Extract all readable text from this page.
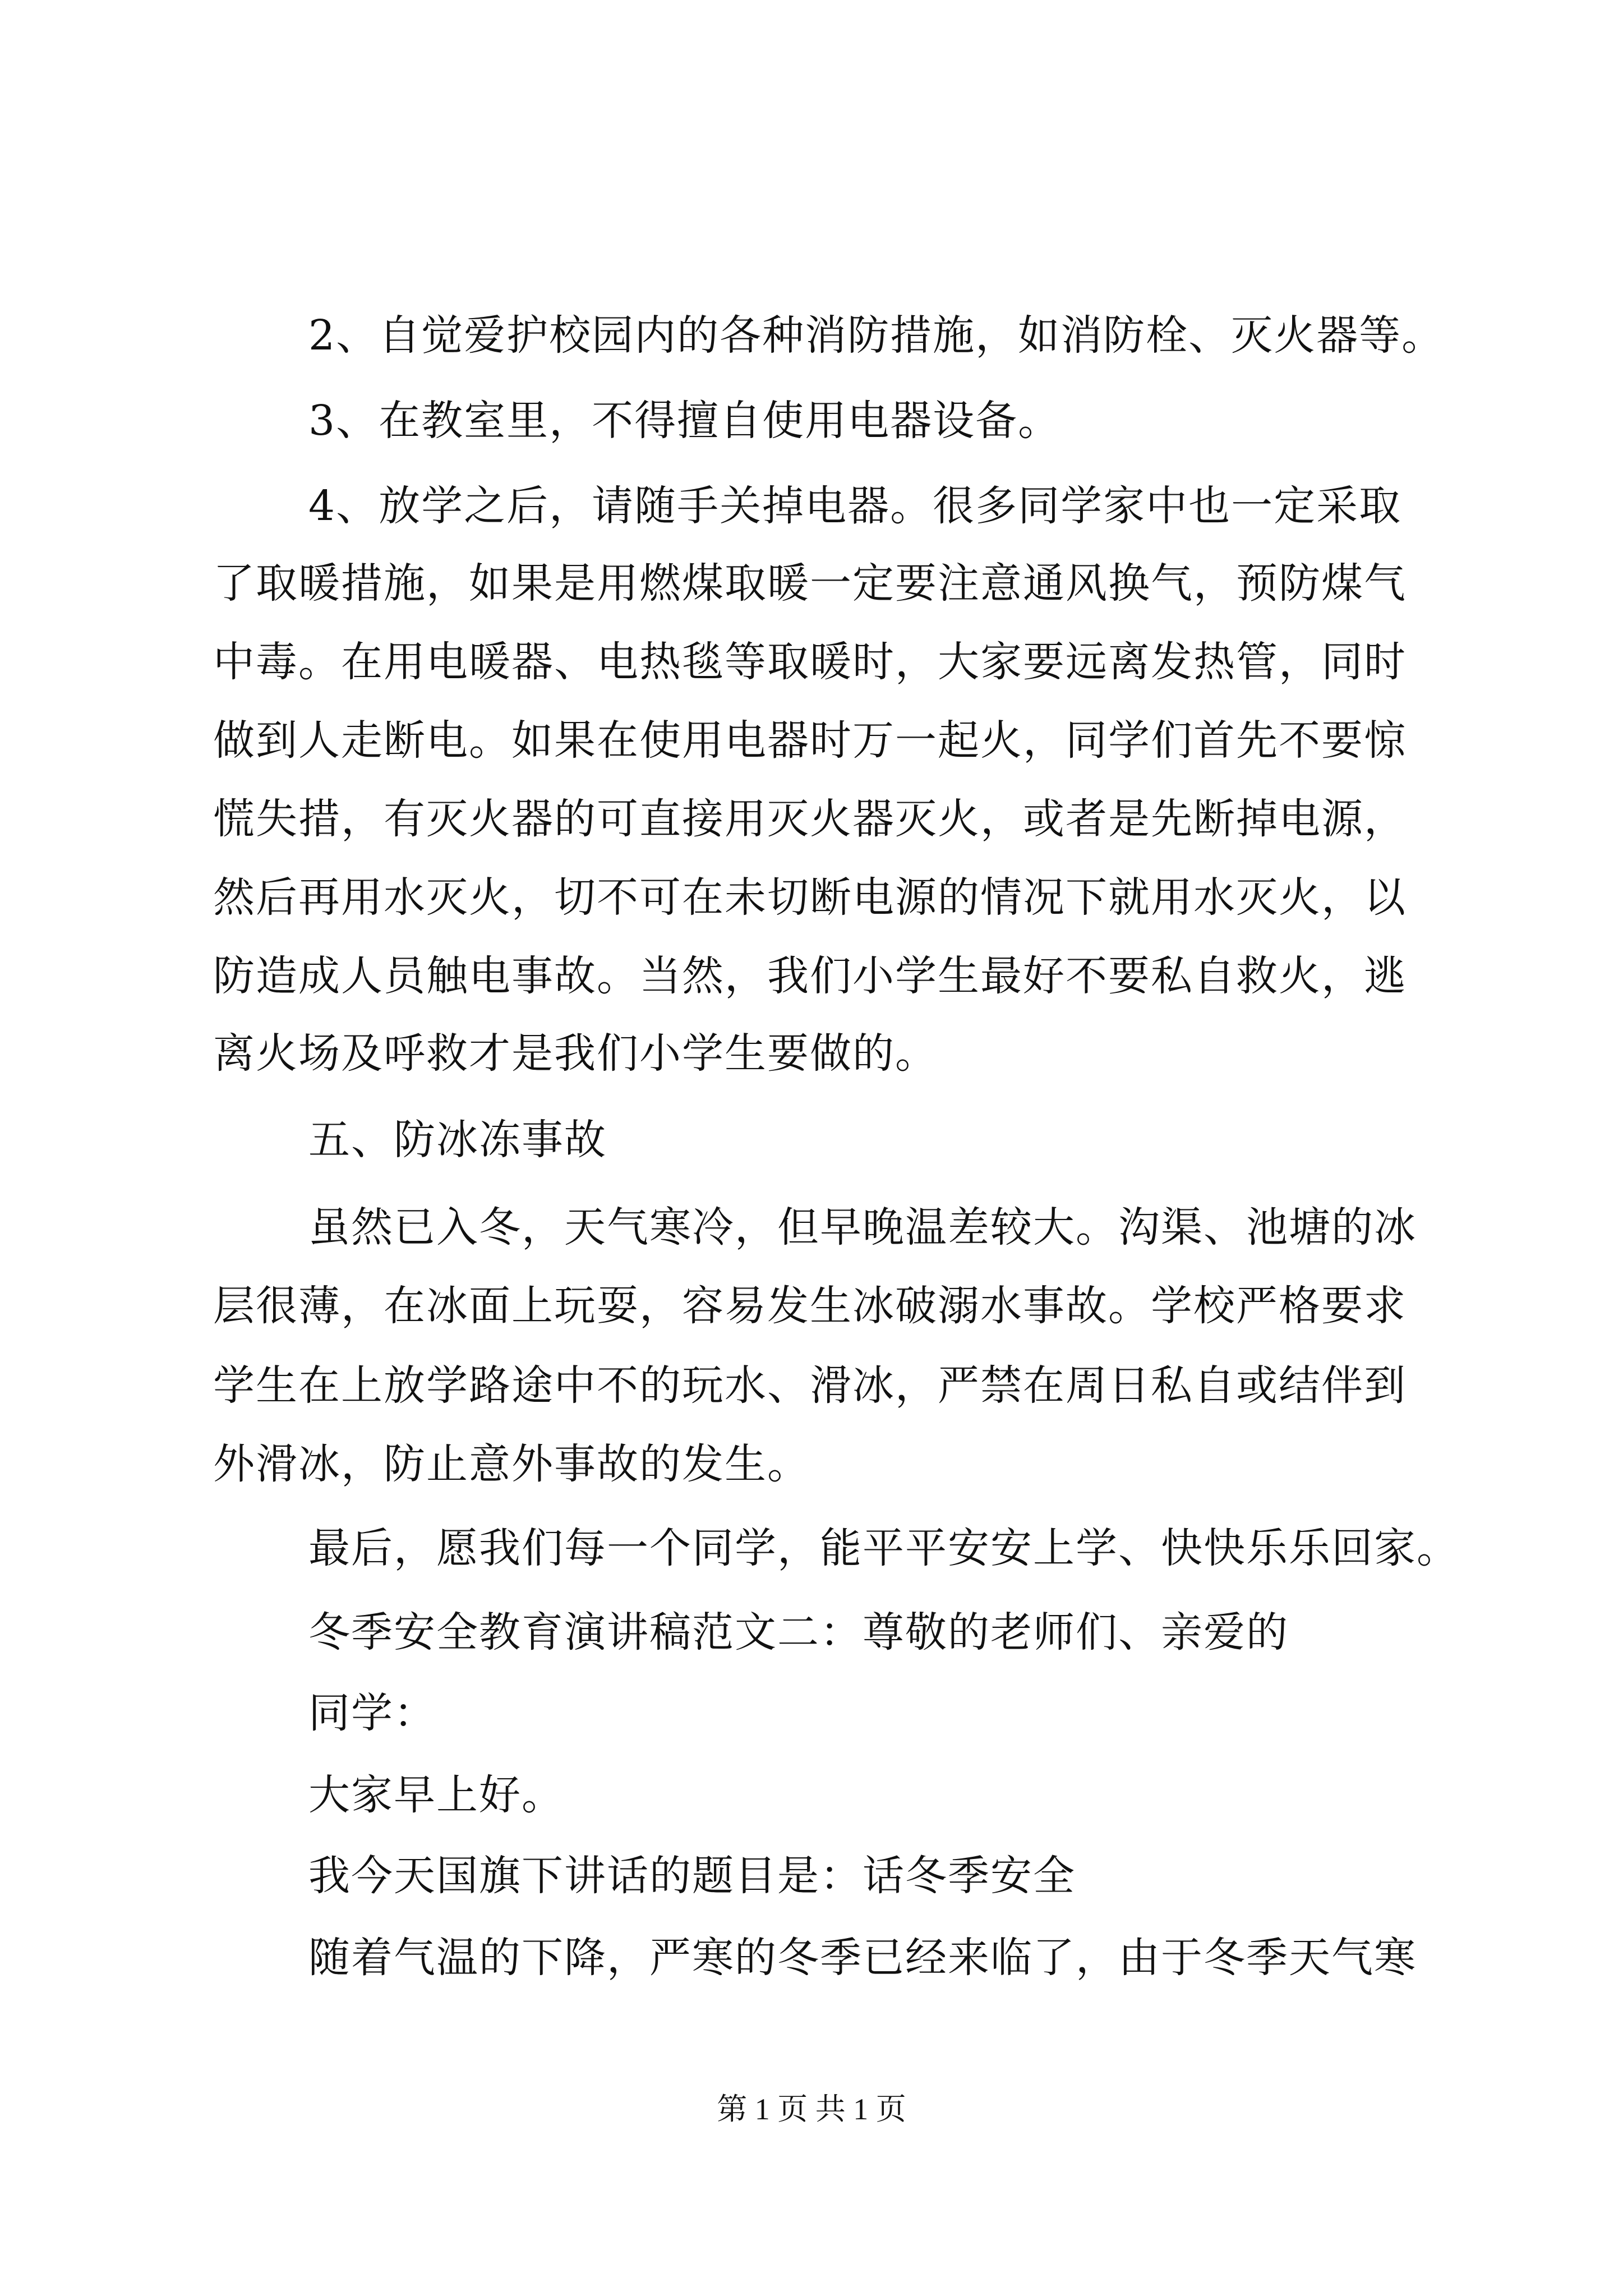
2、自觉爱护校园内的各种消防措施，如消防栓、灭火器等。
3、在教室里，不得擅自使用电器设备。
4、放学之后，请随手关掉电器。很多同学家中也一定采取
了取暖措施，如果是用燃煤取暖一定要注意通风换气，预防煤气
中毒。在用电暖器、电热毯等取暖时，大家要远离发热管，同时
做到人走断电。如果在使用电器时万一起火，同学们首先不要惊
慌失措，有灭火器的可直接用灭火器灭火，或者是先断掉电源，
然后再用水灭火，切不可在未切断电源的情况下就用水灭火，以
防造成人员触电事故。当然，我们小学生最好不要私自救火，逃
离火场及呼救才是我们小学生要做的。
五、防冰冻事故
虽然已入冬，天气寒冷，但早晚温差较大。沟渠、池塘的冰
层很薄，在冰面上玩耍，容易发生冰破溺水事故。学校严格要求
学生在上放学路途中不的玩水、滑冰，严禁在周日私自或结伴到
外滑冰，防止意外事故的发生。
最后，愿我们每一个同学，能平平安安上学、快快乐乐回家。
冬季安全教育演讲稿范文二：尊敬的老师们、亲爱的
同学：
大家早上好。
我今天国旗下讲话的题目是：话冬季安全
随着气温的下降，严寒的冬季已经来临了，由于冬季天气寒
第 1 页 共 1 页
